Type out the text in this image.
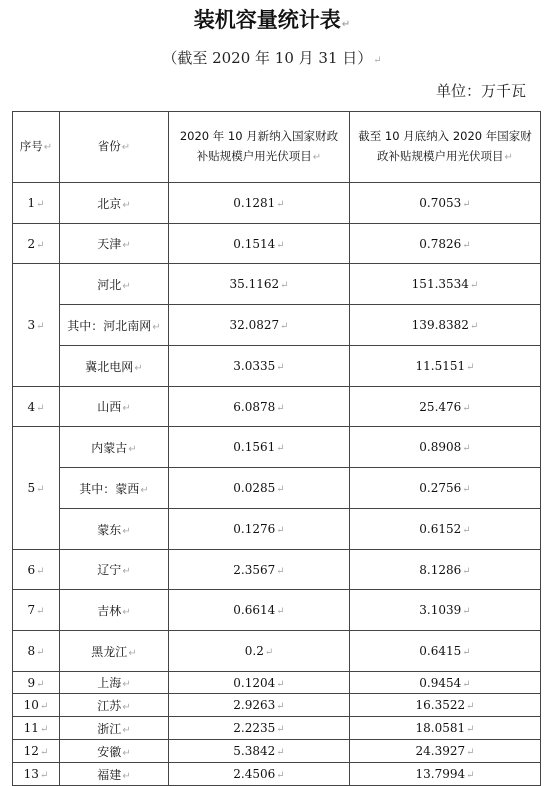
装机容量统计表↵
（截至 2020 年 10 月 31 日）↵
单位：万千瓦
序号↵	省份↵	2020 年 10 月新纳入国家财政补贴规模户用光伏项目↵	截至 10 月底纳入 2020 年国家财政补贴规模户用光伏项目↵
1↵	北京↵	0.1281↵	0.7053↵
2↵	天津↵	0.1514↵	0.7826↵
3↵	河北↵	35.1162↵	151.3534↵
	其中：河北南网↵	32.0827↵	139.8382↵
	冀北电网↵	3.0335↵	11.5151↵
4↵	山西↵	6.0878↵	25.476↵
5↵	内蒙古↵	0.1561↵	0.8908↵
	其中：蒙西↵	0.0285↵	0.2756↵
	蒙东↵	0.1276↵	0.6152↵
6↵	辽宁↵	2.3567↵	8.1286↵
7↵	吉林↵	0.6614↵	3.1039↵
8↵	黑龙江↵	0.2↵	0.6415↵
9↵	上海↵	0.1204↵	0.9454↵
10↵	江苏↵	2.9263↵	16.3522↵
11↵	浙江↵	2.2235↵	18.0581↵
12↵	安徽↵	5.3842↵	24.3927↵
13↵	福建↵	2.4506↵	13.7994↵
